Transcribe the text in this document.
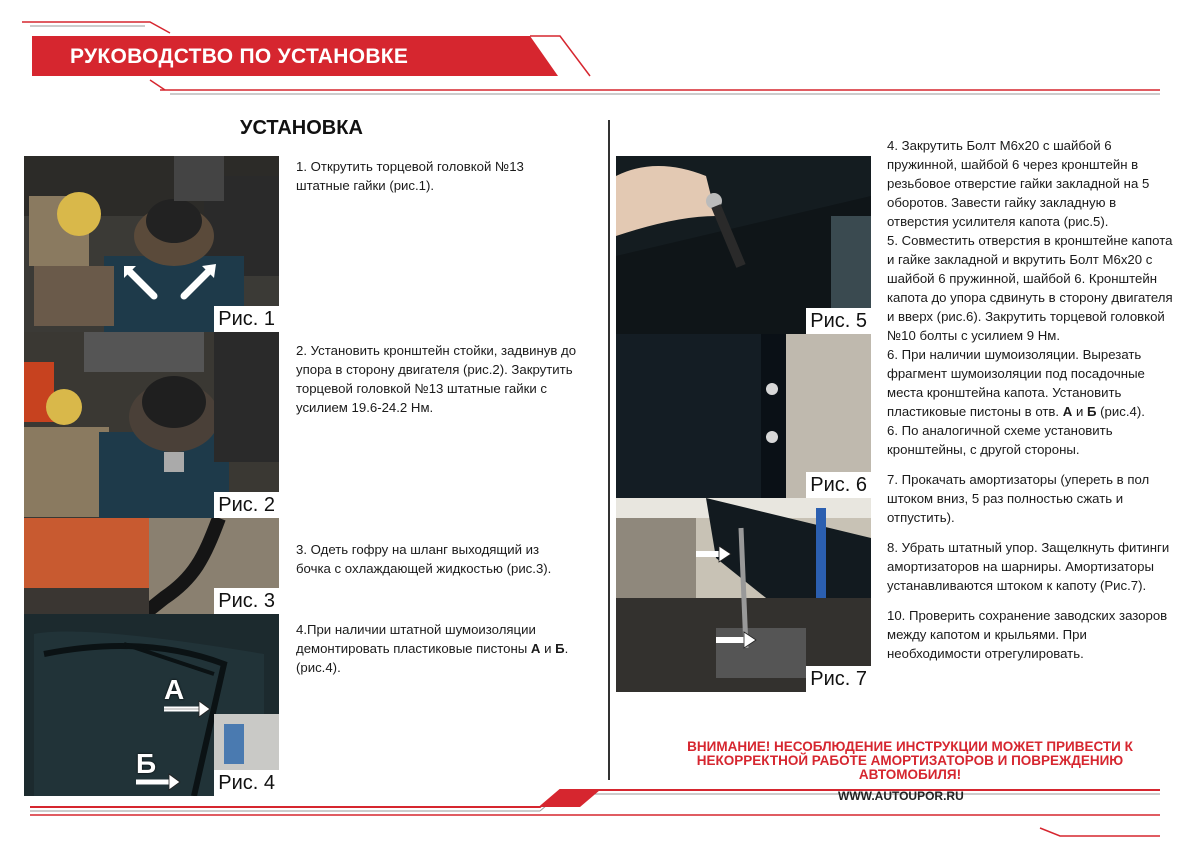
РУКОВОДСТВО ПО УСТАНОВКЕ
УСТАНОВКА
Рис. 1
Рис. 2
Рис. 3
А
Б
Рис. 4
1. Открутить торцевой головкой №13 штатные гайки (рис.1).
2. Установить кронштейн стойки, задвинув до упора в сторону двигателя (рис.2). Закрутить торцевой головкой №13 штатные гайки с усилием 19.6-24.2 Нм.
3. Одеть гофру на шланг выходящий из бочка с охлаждающей жидкостью (рис.3).
4.При наличии штатной шумоизоляции демонтировать пластиковые пистоны А и Б. (рис.4).
Рис. 5
Рис. 6
Рис. 7

4. Закрутить Болт М6х20 с шайбой 6 пружинной, шайбой 6 через кронштейн в резьбовое отверстие гайки закладной на 5 оборотов. Завести гайку закладную в отверстия усилителя капота (рис.5).

5. Совместить отверстия в кронштейне капота и гайке закладной и вкрутить Болт М6х20 с шайбой 6 пружинной, шайбой 6. Кронштейн капота до упора сдвинуть в сторону двигателя и вверх (рис.6). Закрутить торцевой головкой №10 болты с усилием 9 Нм.

6. При наличии шумоизоляции. Вырезать фрагмент шумоизоляции под посадочные места кронштейна капота. Установить пластиковые пистоны в отв. А и Б (рис.4).

6. По аналогичной схеме установить кронштейны, с другой стороны.

7. Прокачать амортизаторы (упереть в пол штоком вниз, 5 раз полностью сжать и отпустить).

8. Убрать штатный упор. Защелкнуть фитинги амортизаторов на шарниры. Амортизаторы устанавливаются штоком к капоту (Рис.7).

10. Проверить сохранение заводских зазоров между капотом и крыльями. При необходимости отрегулировать.

ВНИМАНИЕ! НЕСОБЛЮДЕНИЕ ИНСТРУКЦИИ МОЖЕТ ПРИВЕСТИ К
НЕКОРРЕКТНОЙ РАБОТЕ АМОРТИЗАТОРОВ И ПОВРЕЖДЕНИЮ
АВТОМОБИЛЯ!
WWW.AUTOUPOR.RU
